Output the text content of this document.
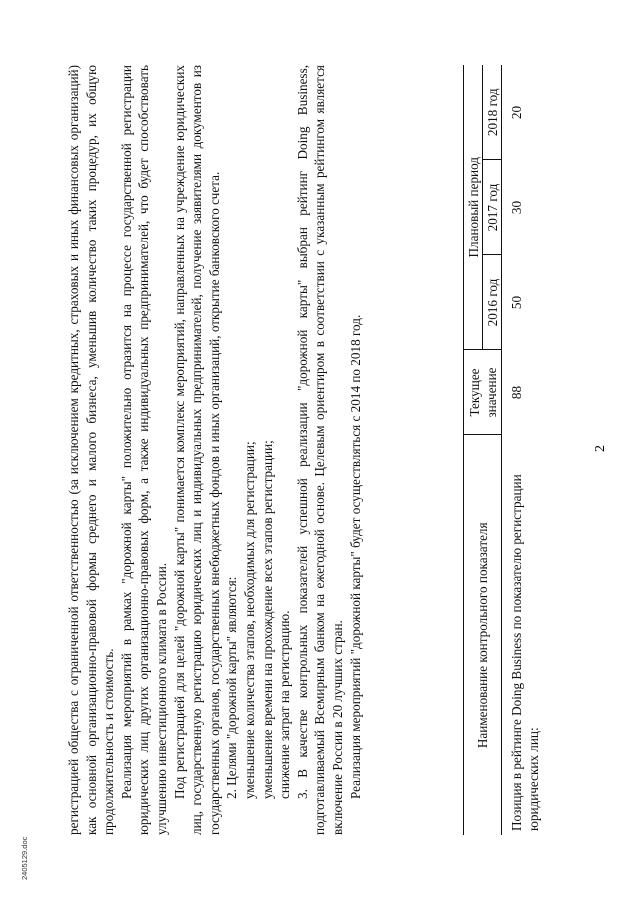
2

регистрацией общества с ограниченной ответственностью (за исключением кредитных, страховых и иных финансовых организаций) как основной организационно-правовой формы среднего и малого бизнеса, уменьшив количество таких процедур, их общую продолжительность и стоимость. Реализация мероприятий в рамках "дорожной карты" положительно отразится на процессе государственной регистрации юридических лиц других организационно-правовых форм, а также индивидуальных предпринимателей, что будет способствовать улучшению инвестиционного климата в России. Под регистрацией для целей "дорожной карты" понимается комплекс мероприятий, направленных на учреждение юридических лиц, государственную регистрацию юридических лиц и индивидуальных предпринимателей, получение заявителями документов из государственных органов, государственных внебюджетных фондов и иных организаций, открытие банковского счета. 2. Целями "дорожной карты" являются: уменьшение количества этапов, необходимых для регистрации; уменьшение времени на прохождение всех этапов регистрации; снижение затрат на регистрацию. 3. В качестве контрольных показателей успешной реализации "дорожной карты" выбран рейтинг Doing Business, подготавливаемый Всемирным банком на ежегодной основе. Целевым ориентиром в соответствии с указанным рейтингом является включение России в 20 лучших стран. Реализация мероприятий "дорожной карты" будет осуществляться с 2014 по 2018 год.	Наименование контрольного показателя	Текущее значение	Плановый период		
		2016 год	2017 год	2018 год
Позиция в рейтинге Doing Business по показателю регистрации юридических лиц:	88	50	30	20
2405129.doc
